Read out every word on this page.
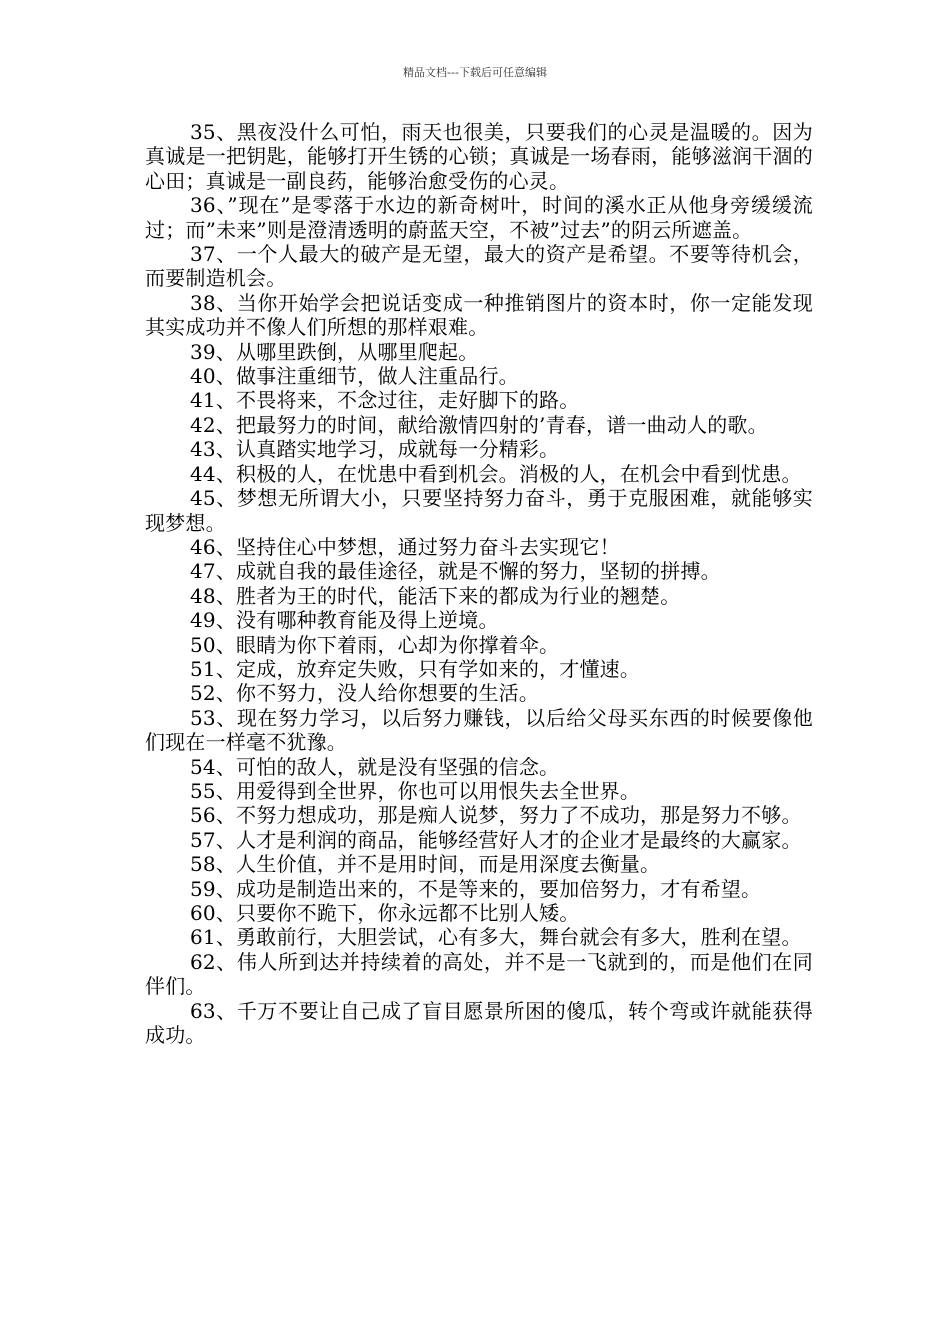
精品文档---下载后可任意编辑

35、黑夜没什么可怕，雨天也很美，只要我们的心灵是温暖的。因为真诚是一把钥匙，能够打开生锈的心锁；真诚是一场春雨，能够滋润干涸的心田；真诚是一副良药，能够治愈受伤的心灵。

36、”现在”是零落于水边的新奇树叶，时间的溪水正从他身旁缓缓流过；而”未来”则是澄清透明的蔚蓝天空，不被”过去”的阴云所遮盖。

37、一个人最大的破产是无望，最大的资产是希望。不要等待机会，而要制造机会。

38、当你开始学会把说话变成一种推销图片的资本时，你一定能发现其实成功并不像人们所想的那样艰难。

39、从哪里跌倒，从哪里爬起。

40、做事注重细节，做人注重品行。

41、不畏将来，不念过往，走好脚下的路。

42、把最努力的时间，献给激情四射的’青春，谱一曲动人的歌。

43、认真踏实地学习，成就每一分精彩。

44、积极的人，在忧患中看到机会。消极的人，在机会中看到忧患。

45、梦想无所谓大小，只要坚持努力奋斗，勇于克服困难，就能够实现梦想。

46、坚持住心中梦想，通过努力奋斗去实现它！

47、成就自我的最佳途径，就是不懈的努力，坚韧的拼搏。

48、胜者为王的时代，能活下来的都成为行业的翘楚。

49、没有哪种教育能及得上逆境。

50、眼睛为你下着雨，心却为你撑着伞。

51、定成，放弃定失败，只有学如来的，才懂速。

52、你不努力，没人给你想要的生活。

53、现在努力学习，以后努力赚钱，以后给父母买东西的时候要像他们现在一样毫不犹豫。

54、可怕的敌人，就是没有坚强的信念。

55、用爱得到全世界，你也可以用恨失去全世界。

56、不努力想成功，那是痴人说梦，努力了不成功，那是努力不够。

57、人才是利润的商品，能够经营好人才的企业才是最终的大赢家。

58、人生价值，并不是用时间，而是用深度去衡量。

59、成功是制造出来的，不是等来的，要加倍努力，才有希望。

60、只要你不跪下，你永远都不比别人矮。

61、勇敢前行，大胆尝试，心有多大，舞台就会有多大，胜利在望。

62、伟人所到达并持续着的高处，并不是一飞就到的，而是他们在同伴们。

63、千万不要让自己成了盲目愿景所困的傻瓜，转个弯或许就能获得成功。
